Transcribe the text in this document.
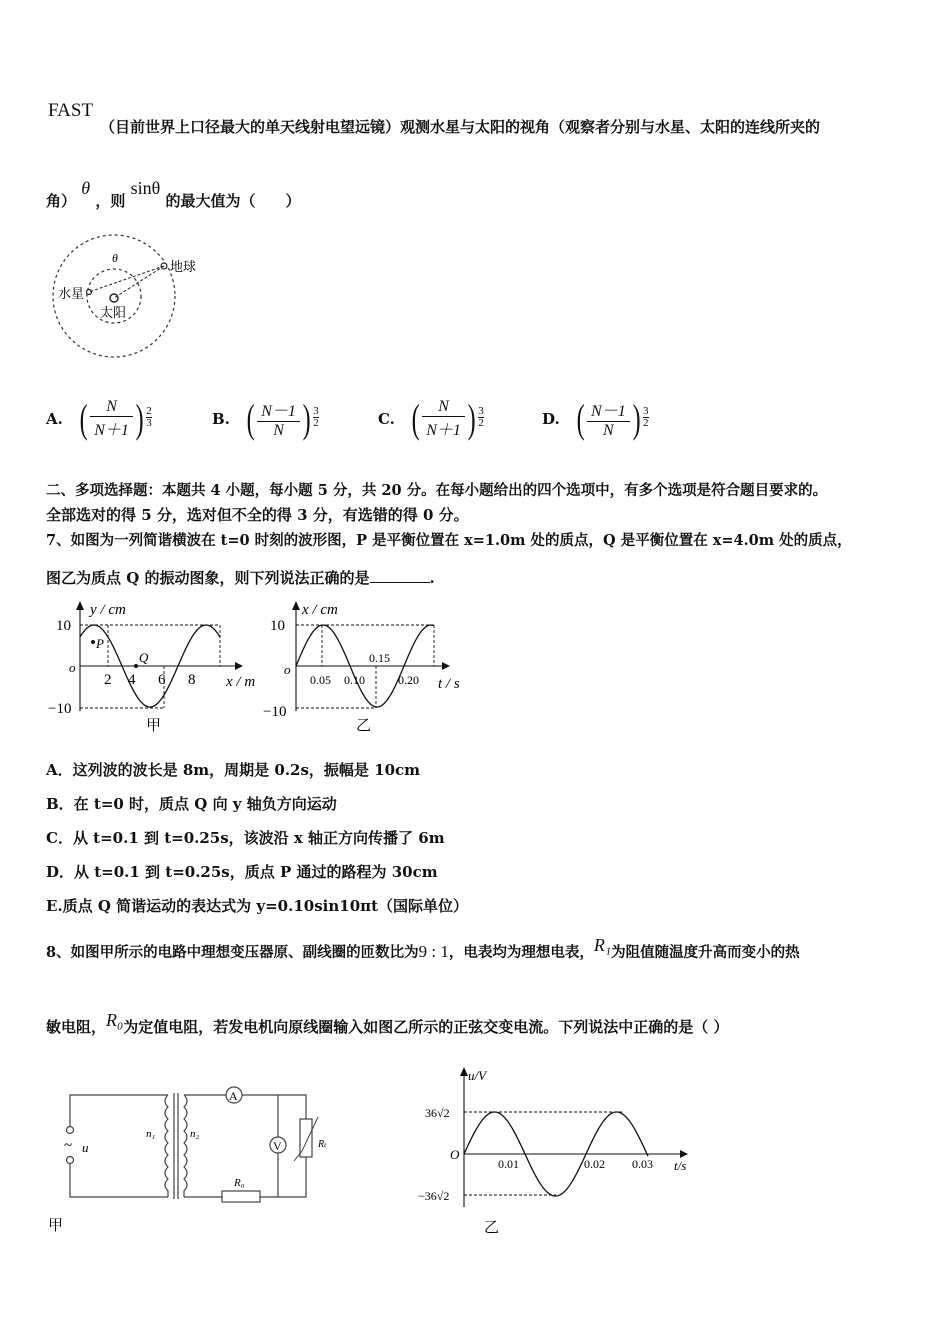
FAST
（目前世界上口径最大的单天线射电望远镜）观测水星与太阳的视角（观察者分别与水星、太阳的连线所夹的
角） θ ，则 sinθ 的最大值为（　　）
θ
地球
水星
太阳
A. ( $\frac{N}{N+1}$ ) 2
3	B. ( $\frac{N-1}{N}$ ) 3
2	C. ( $\frac{N}{N+1}$ ) 3
2	D. ( $\frac{N-1}{N}$ ) 3
2
二、多项选择题：本题共 4 小题，每小题 5 分，共 20 分。在每小题给出的四个选项中，有多个选项是符合题目要求的。
全部选对的得 5 分，选对但不全的得 3 分，有选错的得 0 分。
7、如图为一列简谐横波在 t=0 时刻的波形图，P 是平衡位置在 x=1.0m 处的质点，Q 是平衡位置在 x=4.0m 处的质点，
图乙为质点 Q 的振动图象，则下列说法正确的是	.
y / cm
x / m
o
10
−10
2 4 6 8
P
Q
甲
x / cm
t / s
o
10
−10
0.05 0.10
0.15
0.20
乙
A．这列波的波长是 8m，周期是 0.2s，振幅是 10cm
B．在 t=0 时，质点 Q 向 y 轴负方向运动
C．从 t=0.1 到 t=0.25s，该波沿 x 轴正方向传播了 6m
D．从 t=0.1 到 t=0.25s，质点 P 通过的路程为 30cm
E.质点 Q 简谐运动的表达式为 y=0.10sin10πt（国际单位）
8、如图甲所示的电路中理想变压器原、副线圈的匝数比为9 : 1，电表均为理想电表，R₁为阻值随温度升高而变小的热
敏电阻，R₀为定值电阻，若发电机向原线圈输入如图乙所示的正弦交变电流。下列说法中正确的是（ ）
~ u
n₁	n₂
A
V	Rₜ
R₀
甲
u/V
t/s
O
36√2
−36√2
0.01	0.02 0.03
乙
